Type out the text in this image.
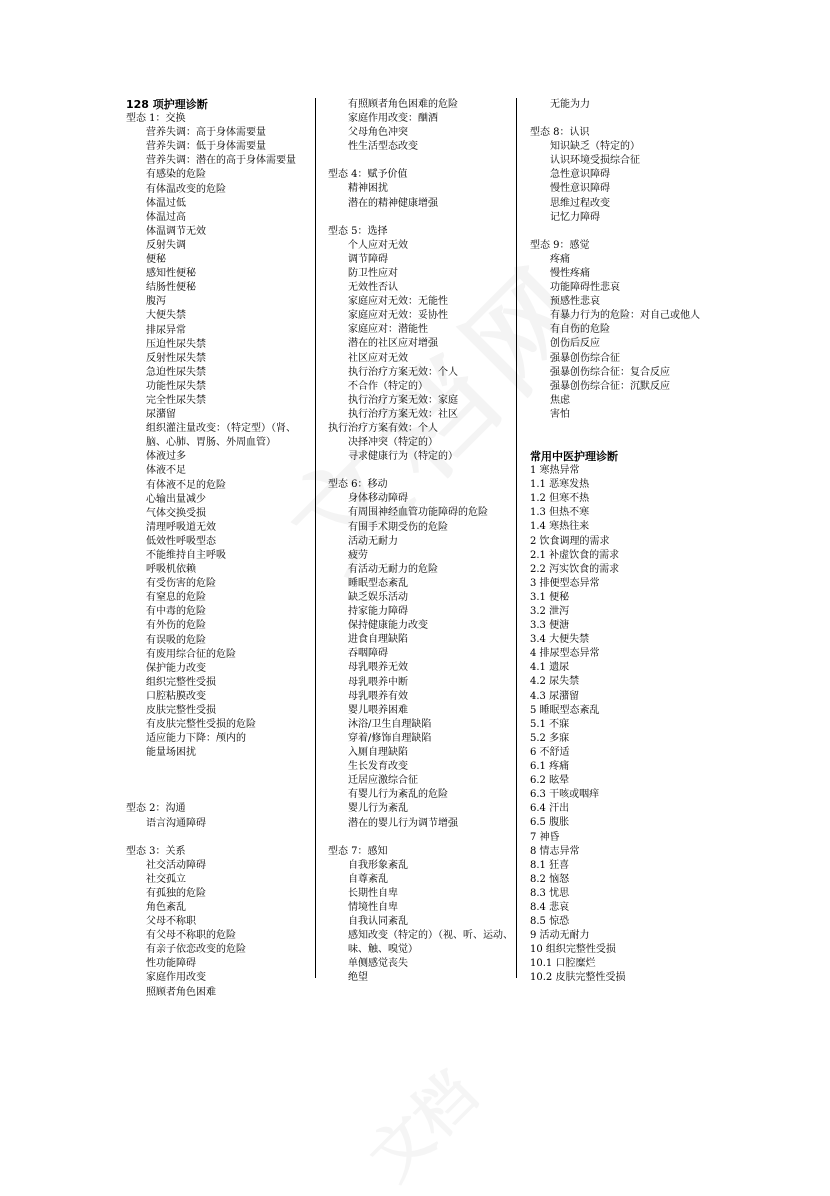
128 项护理诊断
型态 1：交换
营养失调：高于身体需要量
营养失调：低于身体需要量
营养失调：潜在的高于身体需要量
有感染的危险
有体温改变的危险
体温过低
体温过高
体温调节无效
反射失调
便秘
感知性便秘
结肠性便秘
腹泻
大便失禁
排尿异常
压迫性尿失禁
反射性尿失禁
急迫性尿失禁
功能性尿失禁
完全性尿失禁
尿潴留
组织灌注量改变：（特定型）（肾、脑、心肺、胃肠、外周血管）
体液过多
体液不足
有体液不足的危险
心输出量减少
气体交换受损
清理呼吸道无效
低效性呼吸型态
不能维持自主呼吸
呼吸机依赖
有受伤害的危险
有窒息的危险
有中毒的危险
有外伤的危险
有误吸的危险
有废用综合征的危险
保护能力改变
组织完整性受损
口腔粘膜改变
皮肤完整性受损
有皮肤完整性受损的危险
适应能力下降：颅内的
能量场困扰
型态 2：沟通
语言沟通障碍
型态 3：关系
社交活动障碍
社交孤立
有孤独的危险
角色紊乱
父母不称职
有父母不称职的危险
有亲子依恋改变的危险
性功能障碍
家庭作用改变
照顾者角色困难
有照顾者角色困难的危险
家庭作用改变：酗酒
父母角色冲突
性生活型态改变
型态 4：赋予价值
精神困扰
潜在的精神健康增强
型态 5：选择
个人应对无效
调节障碍
防卫性应对
无效性否认
家庭应对无效：无能性
家庭应对无效：妥协性
家庭应对：潜能性
潜在的社区应对增强
社区应对无效
执行治疗方案无效：个人
不合作（特定的）
执行治疗方案无效：家庭
执行治疗方案无效：社区
执行治疗方案有效：个人
决择冲突（特定的）
寻求健康行为（特定的）
型态 6：移动
身体移动障碍
有周围神经血管功能障碍的危险
有围手术期受伤的危险
活动无耐力
疲劳
有活动无耐力的危险
睡眠型态紊乱
缺乏娱乐活动
持家能力障碍
保持健康能力改变
进食自理缺陷
吞咽障碍
母乳喂养无效
母乳喂养中断
母乳喂养有效
婴儿喂养困难
沐浴/卫生自理缺陷
穿着/修饰自理缺陷
入厕自理缺陷
生长发育改变
迁居应激综合征
有婴儿行为紊乱的危险
婴儿行为紊乱
潜在的婴儿行为调节增强
型态 7：感知
自我形象紊乱
自尊紊乱
长期性自卑
情境性自卑
自我认同紊乱
感知改变（特定的）（视、听、运动、味、触、嗅觉）
单侧感觉丧失
绝望
无能为力
型态 8：认识
知识缺乏（特定的）
认识环境受损综合征
急性意识障碍
慢性意识障碍
思维过程改变
记忆力障碍
型态 9：感觉
疼痛
慢性疼痛
功能障碍性悲哀
预感性悲哀
有暴力行为的危险：对自己或他人
有自伤的危险
创伤后反应
强暴创伤综合征
强暴创伤综合征：复合反应
强暴创伤综合征：沉默反应
焦虑
害怕
常用中医护理诊断
1 寒热异常
1.1 恶寒发热
1.2 但寒不热
1.3 但热不寒
1.4 寒热往来
2 饮食调理的需求
2.1 补虚饮食的需求
2.2 泻实饮食的需求
3 排便型态异常
3.1 便秘
3.2 泄泻
3.3 便溏
3.4 大便失禁
4 排尿型态异常
4.1 遗尿
4.2 尿失禁
4.3 尿潴留
5 睡眠型态紊乱
5.1 不寐
5.2 多寐
6 不舒适
6.1 疼痛
6.2 眩晕
6.3 干咳或咽痒
6.4 汗出
6.5 腹胀
7 神昏
8 情志异常
8.1 狂喜
8.2 恼怒
8.3 忧思
8.4 悲哀
8.5 惊恐
9 活动无耐力
10 组织完整性受损
10.1 口腔糜烂
10.2 皮肤完整性受损
